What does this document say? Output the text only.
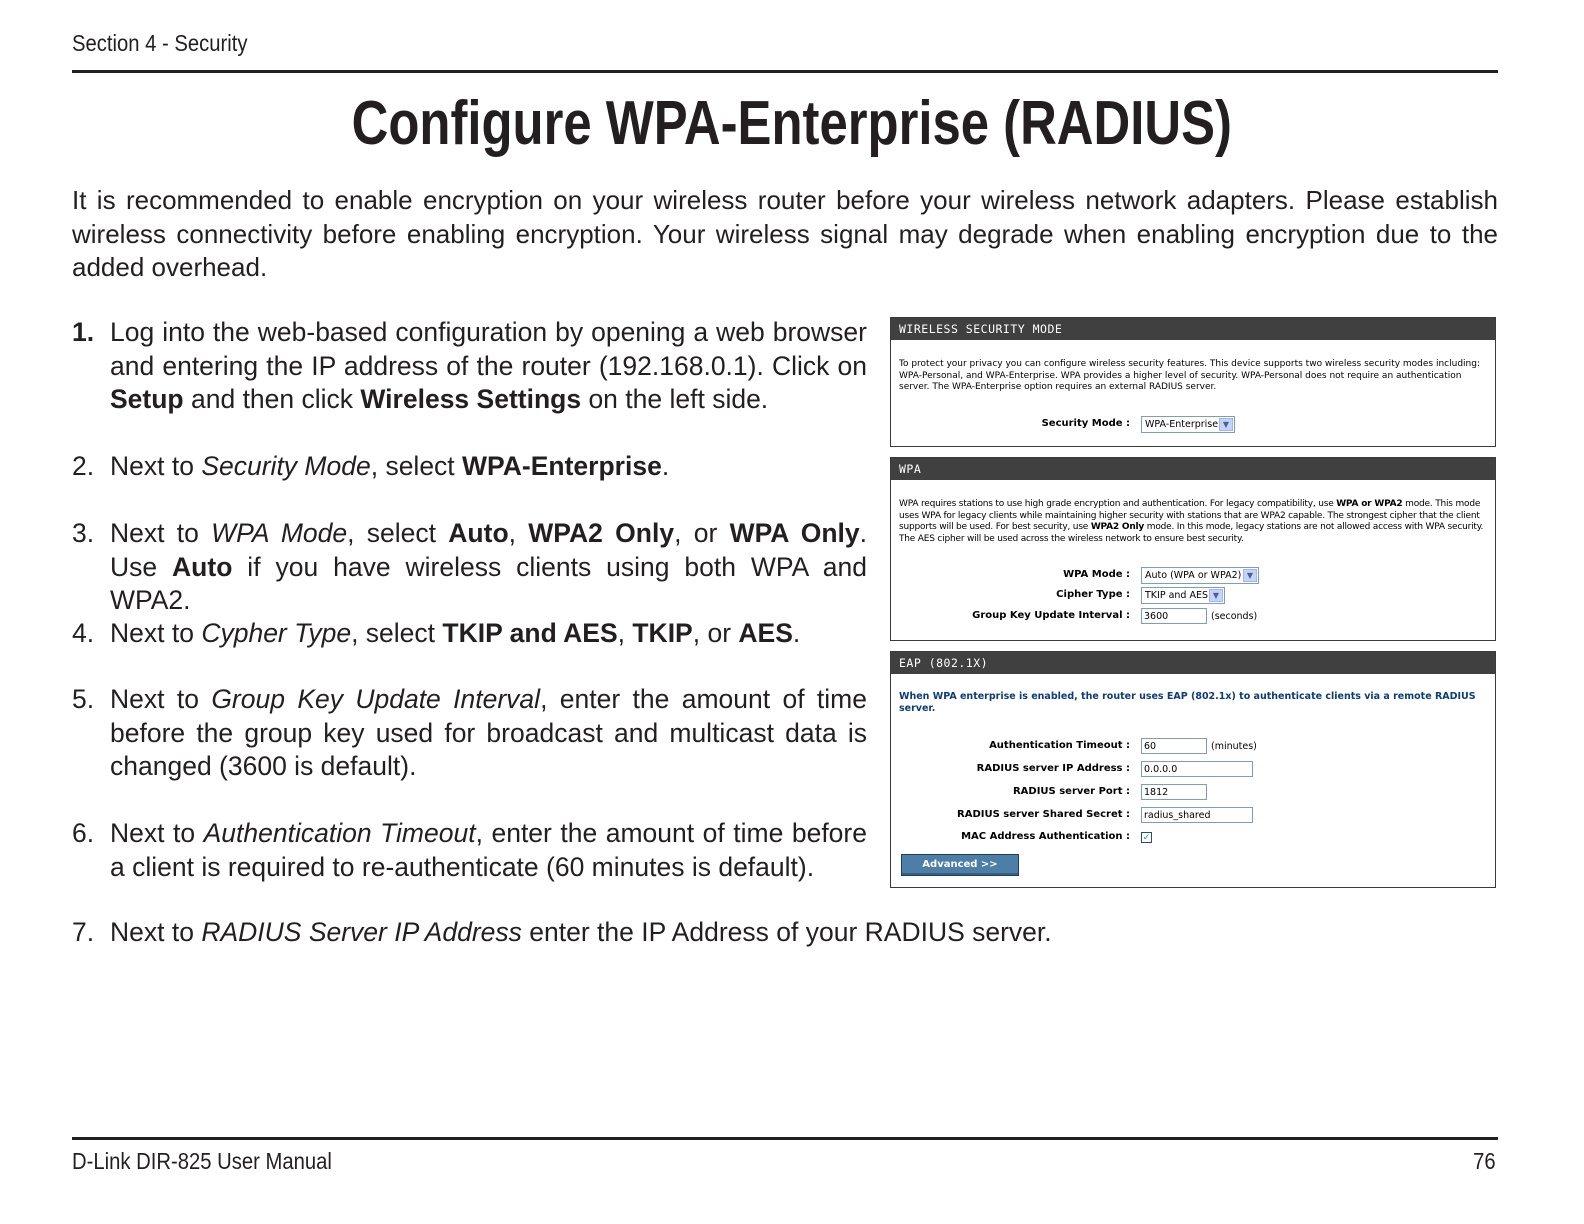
Section 4 - Security
Configure WPA-Enterprise (RADIUS)
It is recommended to enable encryption on your wireless router before your wireless network adapters. Please establish wireless connectivity before enabling encryption. Your wireless signal may degrade when enabling encryption due to the added overhead.
1. Log into the web-based configuration by opening a web browser and entering the IP address of the router (192.168.0.1). Click on Setup and then click Wireless Settings on the left side.
2. Next to Security Mode, select WPA-Enterprise.
3. Next to WPA Mode, select Auto, WPA2 Only, or WPA Only. Use Auto if you have wireless clients using both WPA and WPA2.
4. Next to Cypher Type, select TKIP and AES, TKIP, or AES.
5. Next to Group Key Update Interval, enter the amount of time before the group key used for broadcast and multicast data is changed (3600 is default).
6. Next to Authentication Timeout, enter the amount of time before a client is required to re-authenticate (60 minutes is default).
7. Next to RADIUS Server IP Address enter the IP Address of your RADIUS server.
WIRELESS SECURITY MODE
To protect your privacy you can configure wireless security features. This device supports two wireless security modes including: WPA-Personal, and WPA-Enterprise. WPA provides a higher level of security. WPA-Personal does not require an authentication server. The WPA-Enterprise option requires an external RADIUS server.
Security Mode :	WPA-Enterprise ▼
WPA
WPA requires stations to use high grade encryption and authentication. For legacy compatibility, use WPA or WPA2 mode. This mode uses WPA for legacy clients while maintaining higher security with stations that are WPA2 capable. The strongest cipher that the client supports will be used. For best security, use WPA2 Only mode. In this mode, legacy stations are not allowed access with WPA security. The AES cipher will be used across the wireless network to ensure best security.
WPA Mode :	Auto (WPA or WPA2) ▼
Cipher Type :	TKIP and AES ▼
Group Key Update Interval :	3600	(seconds)
EAP (802.1X)
When WPA enterprise is enabled, the router uses EAP (802.1x) to authenticate clients via a remote RADIUS server.
Authentication Timeout :	60	(minutes)
RADIUS server IP Address :	0.0.0.0
RADIUS server Port :	1812
RADIUS server Shared Secret :	radius_shared
MAC Address Authentication : ✓
Advanced >>
D-Link DIR-825 User Manual	76
